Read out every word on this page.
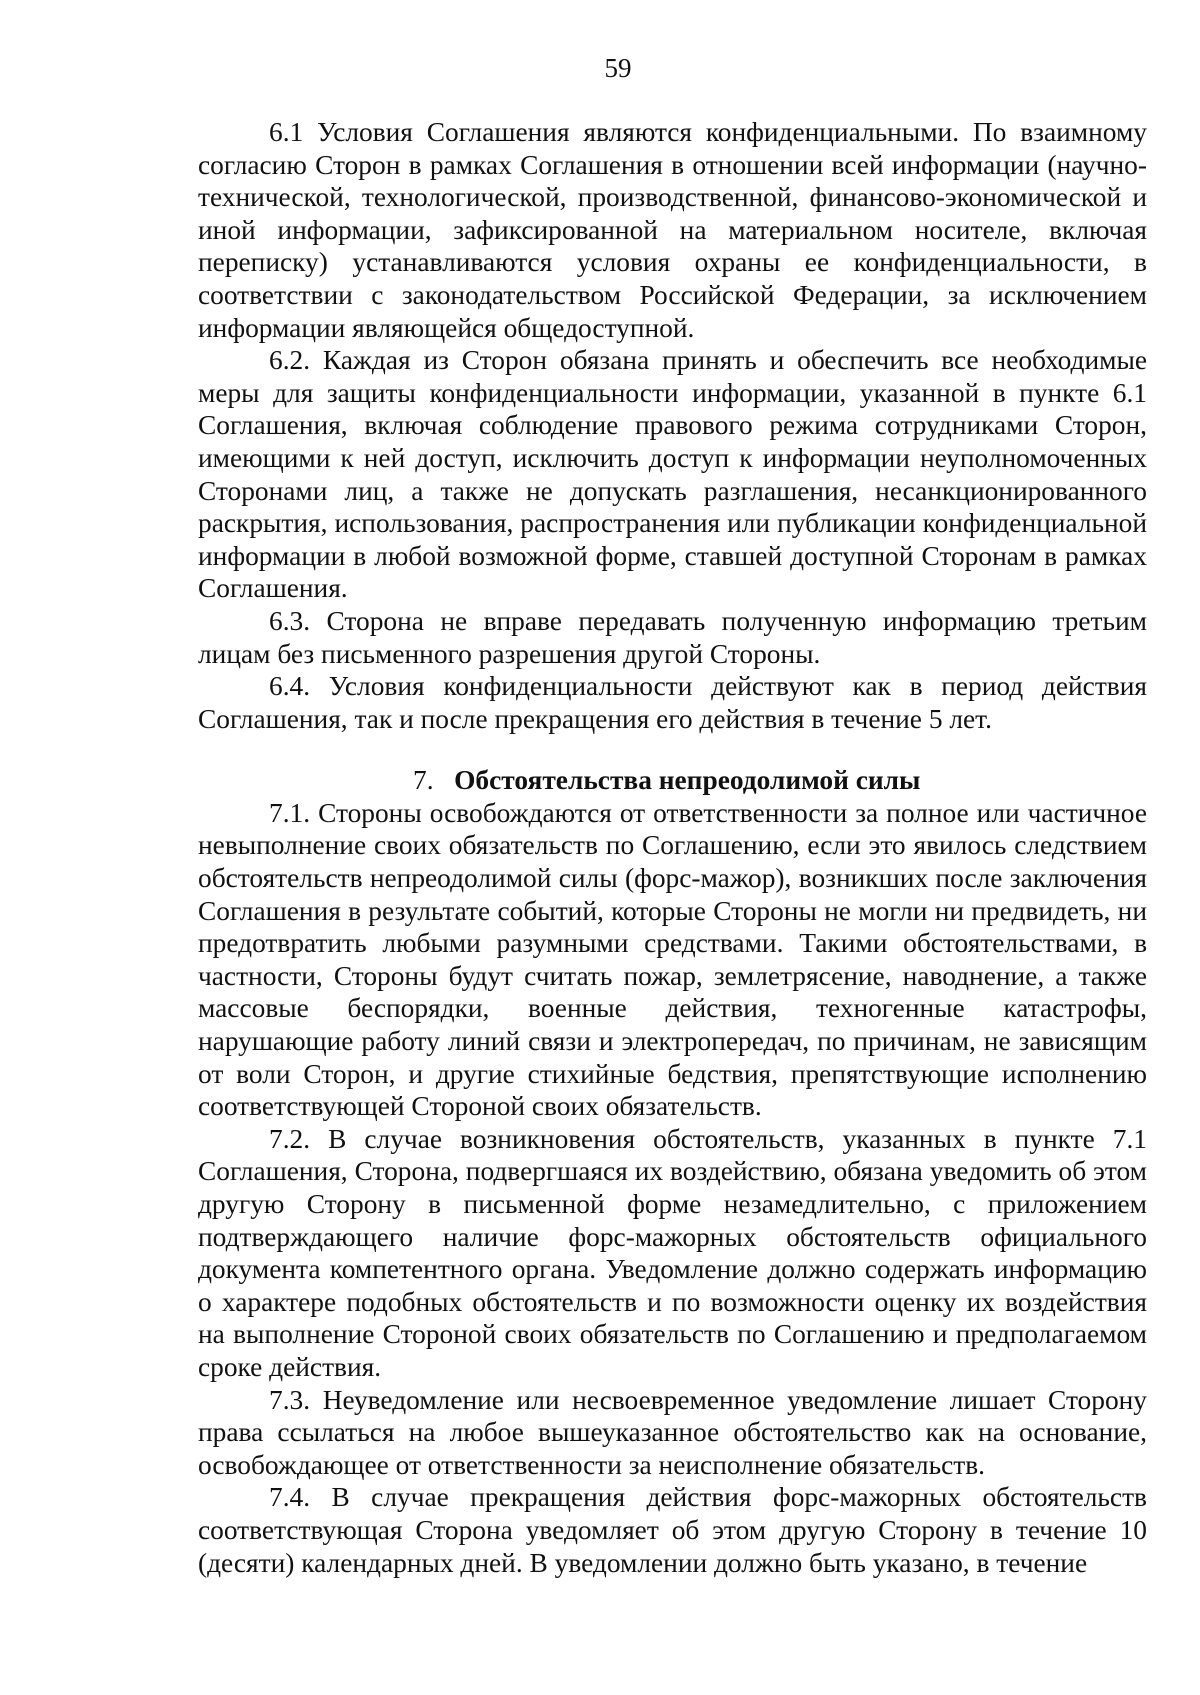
59

6.1 Условия Соглашения являются конфиденциальными. По взаимному согласию Сторон в рамках Соглашения в отношении всей информации (научно-технической, технологической, производственной, финансово-экономической и иной информации, зафиксированной на материальном носителе, включая переписку) устанавливаются условия охраны ее конфиденциальности, в соответствии с законодательством Российской Федерации, за исключением информации являющейся общедоступной.

6.2. Каждая из Сторон обязана принять и обеспечить все необходимые меры для защиты конфиденциальности информации, указанной в пункте 6.1 Соглашения, включая соблюдение правового режима сотрудниками Сторон, имеющими к ней доступ, исключить доступ к информации неуполномоченных Сторонами лиц, а также не допускать разглашения, несанкционированного раскрытия, использования, распространения или публикации конфиденциальной информации в любой возможной форме, ставшей доступной Сторонам в рамках Соглашения.

6.3. Сторона не вправе передавать полученную информацию третьим лицам без письменного разрешения другой Стороны.

6.4. Условия конфиденциальности действуют как в период действия Соглашения, так и после прекращения его действия в течение 5 лет.

7. Обстоятельства непреодолимой силы

7.1. Стороны освобождаются от ответственности за полное или частичное невыполнение своих обязательств по Соглашению, если это явилось следствием обстоятельств непреодолимой силы (форс-мажор), возникших после заключения Соглашения в результате событий, которые Стороны не могли ни предвидеть, ни предотвратить любыми разумными средствами. Такими обстоятельствами, в частности, Стороны будут считать пожар, землетрясение, наводнение, а также массовые беспорядки, военные действия, техногенные катастрофы, нарушающие работу линий связи и электропередач, по причинам, не зависящим от воли Сторон, и другие стихийные бедствия, препятствующие исполнению соответствующей Стороной своих обязательств.

7.2. В случае возникновения обстоятельств, указанных в пункте 7.1 Соглашения, Сторона, подвергшаяся их воздействию, обязана уведомить об этом другую Сторону в письменной форме незамедлительно, с приложением подтверждающего наличие форс-мажорных обстоятельств официального документа компетентного органа. Уведомление должно содержать информацию о характере подобных обстоятельств и по возможности оценку их воздействия на выполнение Стороной своих обязательств по Соглашению и предполагаемом сроке действия.

7.3. Неуведомление или несвоевременное уведомление лишает Сторону права ссылаться на любое вышеуказанное обстоятельство как на основание, освобождающее от ответственности за неисполнение обязательств.

7.4. В случае прекращения действия форс-мажорных обстоятельств соответствующая Сторона уведомляет об этом другую Сторону в течение 10 (десяти) календарных дней. В уведомлении должно быть указано, в течение
